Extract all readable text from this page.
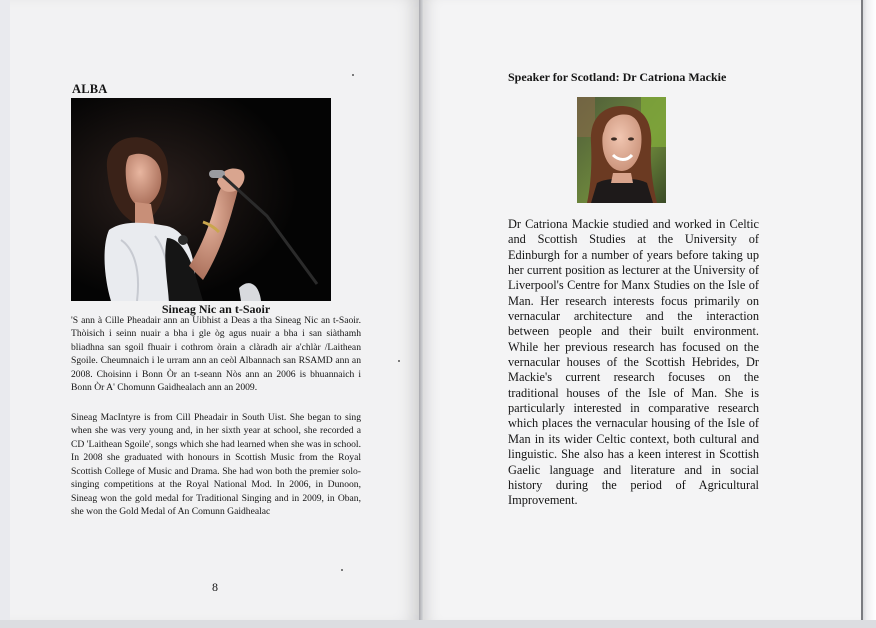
ALBA
Sineag Nic an t-Saoir
'S ann à Cille Pheadair ann an Uibhist a Deas a tha Sineag Nic an t-Saoir. Thòisich i seinn nuair a bha i gle òg agus nuair a bha i san siàthamh bliadhna san sgoil fhuair i cothrom òrain a clàradh air a'chlàr /Laithean Sgoile. Cheumnaich i le urram ann an ceòl Albannach san RSAMD ann an 2008. Choisinn i Bonn Òr an t-seann Nòs ann an 2006 is bhuannaich i Bonn Òr A' Chomunn Gaidhealach ann an 2009.
Sineag MacIntyre is from Cill Pheadair in South Uist. She began to sing when she was very young and, in her sixth year at school, she recorded a CD 'Laithean Sgoile', songs which she had learned when she was in school. In 2008 she graduated with honours in Scottish Music from the Royal Scottish College of Music and Drama. She had won both the premier solo-singing competitions at the Royal National Mod. In 2006, in Dunoon, Sineag won the gold medal for Traditional Singing and in 2009, in Oban, she won the Gold Medal of An Comunn Gaidhealac
8
Speaker for Scotland: Dr Catriona Mackie
Dr Catriona Mackie studied and worked in Celtic and Scottish Studies at the University of Edinburgh for a number of years before taking up her current position as lecturer at the University of Liverpool's Centre for Manx Studies on the Isle of Man. Her research interests focus primarily on vernacular architecture and the interaction between people and their built environment. While her previous research has focused on the vernacular houses of the Scottish Hebrides, Dr Mackie's current research focuses on the traditional houses of the Isle of Man. She is particularly interested in comparative research which places the vernacular housing of the Isle of Man in its wider Celtic context, both cultural and linguistic. She also has a keen interest in Scottish Gaelic language and literature and in social history during the period of Agricultural Improvement.
